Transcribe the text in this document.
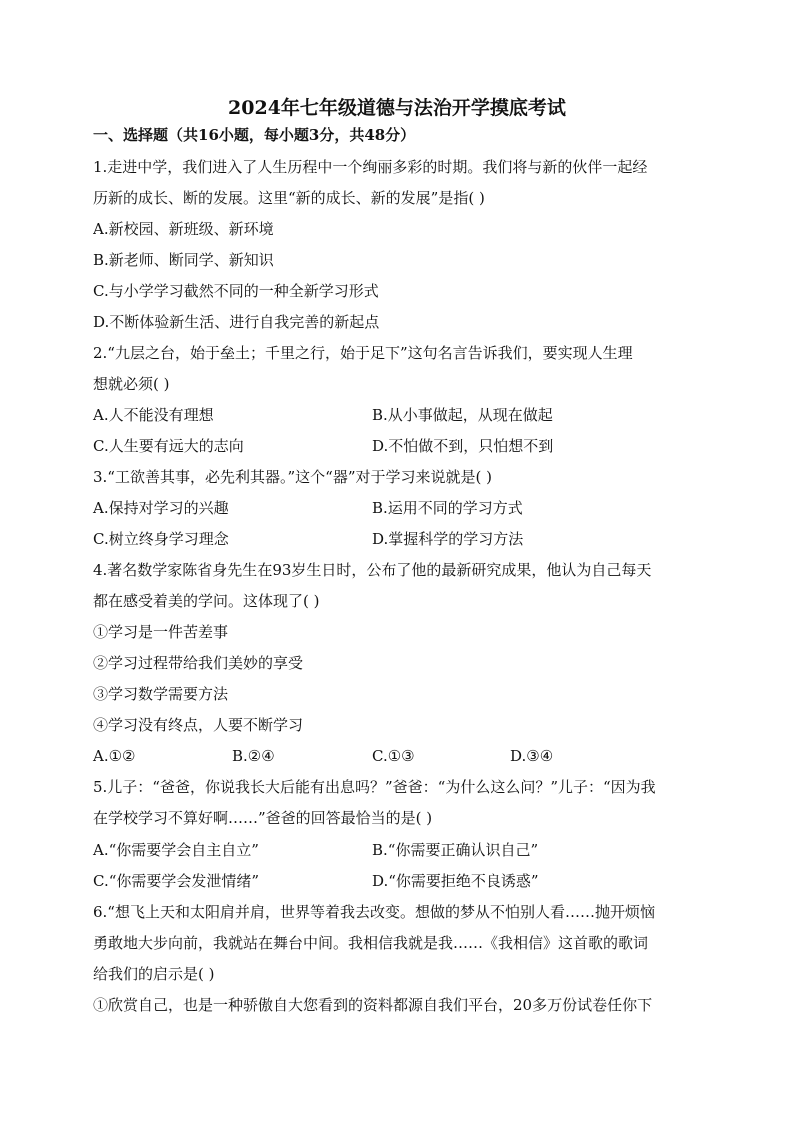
2024年七年级道德与法治开学摸底考试
一、选择题（共16小题，每小题3分，共48分）
1.走进中学，我们进入了人生历程中一个绚丽多彩的时期。我们将与新的伙伴一起经
历新的成长、断的发展。这里“新的成长、新的发展”是指( )
A.新校园、新班级、新环境
B.新老师、断同学、新知识
C.与小学学习截然不同的一种全新学习形式
D.不断体验新生活、进行自我完善的新起点
2.“九层之台，始于垒土；千里之行，始于足下”这句名言告诉我们，要实现人生理
想就必须( )
A.人不能没有理想	B.从小事做起，从现在做起
C.人生要有远大的志向	D.不怕做不到，只怕想不到
3.“工欲善其事，必先利其器。”这个“器”对于学习来说就是( )
A.保持对学习的兴趣	B.运用不同的学习方式
C.树立终身学习理念	D.掌握科学的学习方法
4.著名数学家陈省身先生在93岁生日时，公布了他的最新研究成果，他认为自己每天
都在感受着美的学问。这体现了( )
①学习是一件苦差事
②学习过程带给我们美妙的享受
③学习数学需要方法
④学习没有终点，人要不断学习
A.①②	B.②④	C.①③	D.③④
5.儿子：“爸爸，你说我长大后能有出息吗？”爸爸：“为什么这么问？”儿子：“因为我
在学校学习不算好啊……”爸爸的回答最恰当的是( )
A.“你需要学会自主自立”	B.“你需要正确认识自己”
C.“你需要学会发泄情绪”	D.“你需要拒绝不良诱惑”
6.“想飞上天和太阳肩并肩，世界等着我去改变。想做的梦从不怕别人看……抛开烦恼
勇敢地大步向前，我就站在舞台中间。我相信我就是我……《我相信》这首歌的歌词
给我们的启示是( )
①欣赏自己，也是一种骄傲自大您看到的资料都源自我们平台，20多万份试卷任你下
